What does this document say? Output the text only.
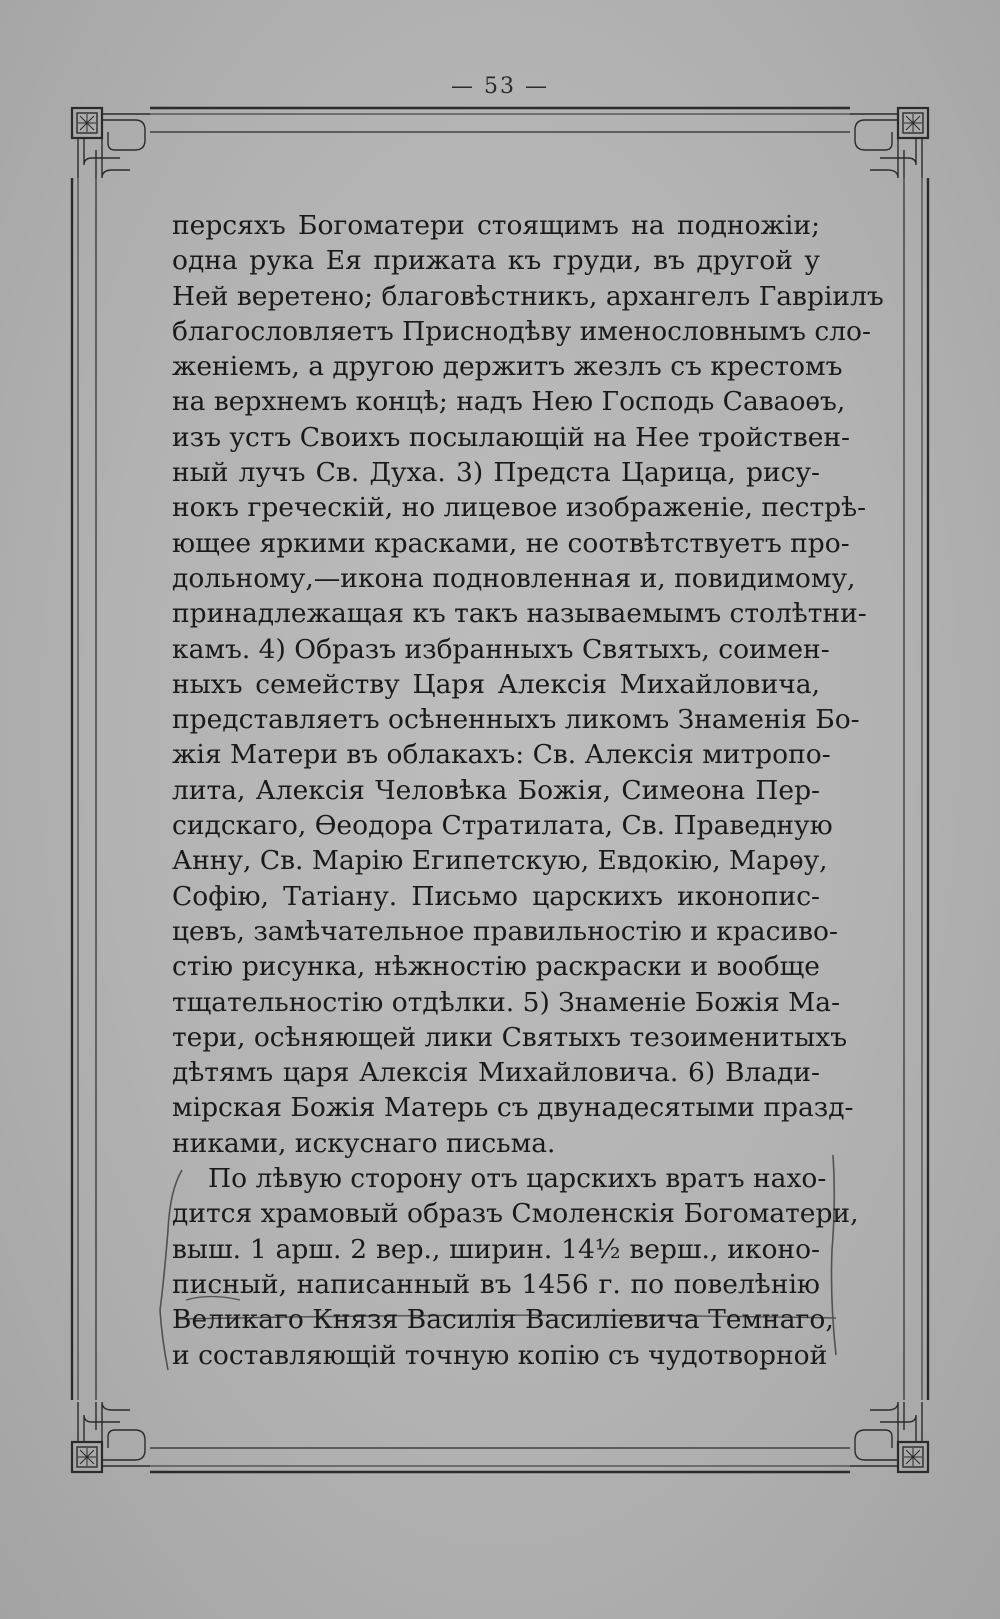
— 53 —
персяхъ Богоматери стоящимъ на подножіи;
одна рука Ея прижата къ груди, въ другой у
Ней веретено; благовѣстникъ, архангелъ Гавріилъ
благословляетъ Приснодѣву именословнымъ сло-
женіемъ, а другою держитъ жезлъ съ крестомъ
на верхнемъ концѣ; надъ Нею Господь Саваоѳъ,
изъ устъ Своихъ посылающій на Нее тройствен-
ный лучъ Св. Духа. 3) Предста Царица, рису-
нокъ греческій, но лицевое изображеніе, пестрѣ-
ющее яркими красками, не соотвѣтствуетъ про-
дольному,—икона подновленная и, повидимому,
принадлежащая къ такъ называемымъ столѣтни-
камъ. 4) Образъ избранныхъ Святыхъ, соимен-
ныхъ семейству Царя Алексія Михайловича,
представляетъ осѣненныхъ ликомъ Знаменія Бо-
жія Матери въ облакахъ: Св. Алексія митропо-
лита, Алексія Человѣка Божія, Симеона Пер-
сидскаго, Ѳеодора Стратилата, Св. Праведную
Анну, Св. Марію Египетскую, Евдокію, Марѳу,
Софію, Татіану. Письмо царскихъ иконопис-
цевъ, замѣчательное правильностію и красиво-
стію рисунка, нѣжностію раскраски и вообще
тщательностію отдѣлки. 5) Знаменіе Божія Ма-
тери, осѣняющей лики Святыхъ тезоименитыхъ
дѣтямъ царя Алексія Михайловича. 6) Влади-
мірская Божія Матерь съ двунадесятыми празд-
никами, искуснаго письма.
По лѣвую сторону отъ царскихъ вратъ нахо-
дится храмовый образъ Смоленскія Богоматери,
выш. 1 арш. 2 вер., ширин. 14½ верш., иконо-
писный, написанный въ 1456 г. по повелѣнію
Великаго Князя Василія Василіевича Темнаго,
и составляющій точную копію съ чудотворной
